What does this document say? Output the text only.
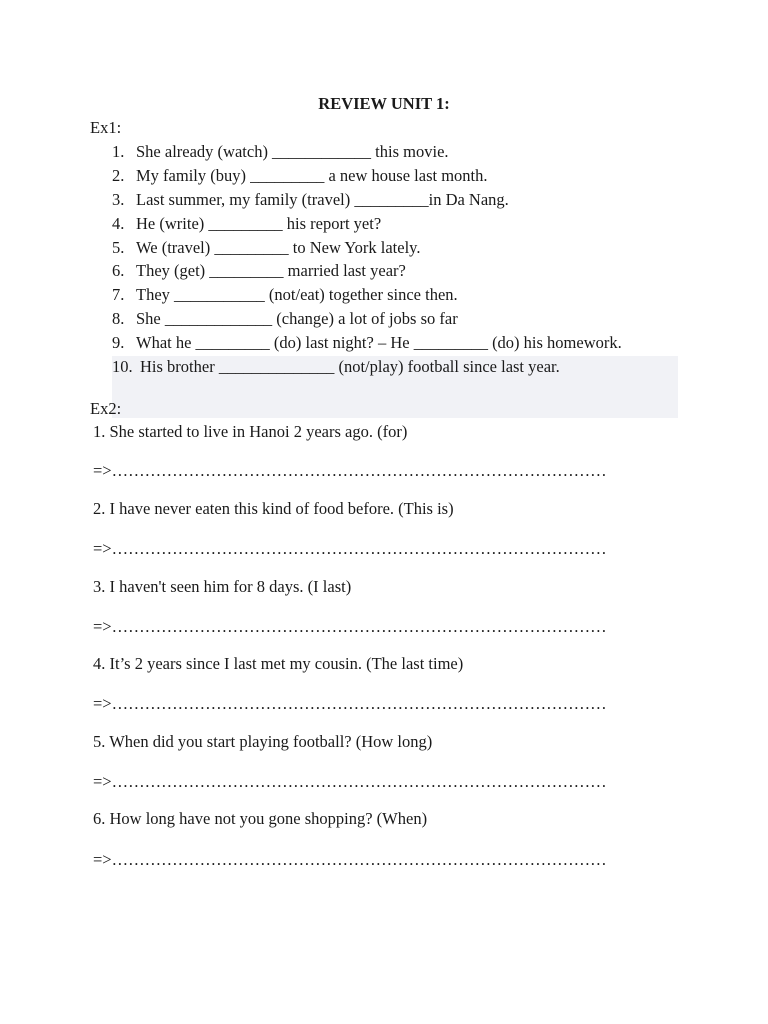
REVIEW UNIT 1:
Ex1:
1. She already (watch) ____________ this movie.
2. My family (buy) _________ a new house last month.
3. Last summer, my family (travel) _________in Da Nang.
4. He (write) _________ his report yet?
5. We (travel) _________ to New York lately.
6. They (get) _________ married last year?
7. They ___________ (not/eat) together since then.
8. She _____________ (change) a lot of jobs so far
9. What he _________ (do) last night? – He _________ (do) his homework.
10. His brother ______________ (not/play) football since last year.
Ex2:
1. She started to live in Hanoi 2 years ago. (for)
=>………………………………………………………………………………
2. I have never eaten this kind of food before. (This is)
=>………………………………………………………………………………
3. I haven't seen him for 8 days. (I last)
=>………………………………………………………………………………
4. It’s 2 years since I last met my cousin. (The last time)
=>………………………………………………………………………………
5. When did you start playing football? (How long)
=>………………………………………………………………………………
6. How long have not you gone shopping? (When)
=>………………………………………………………………………………
